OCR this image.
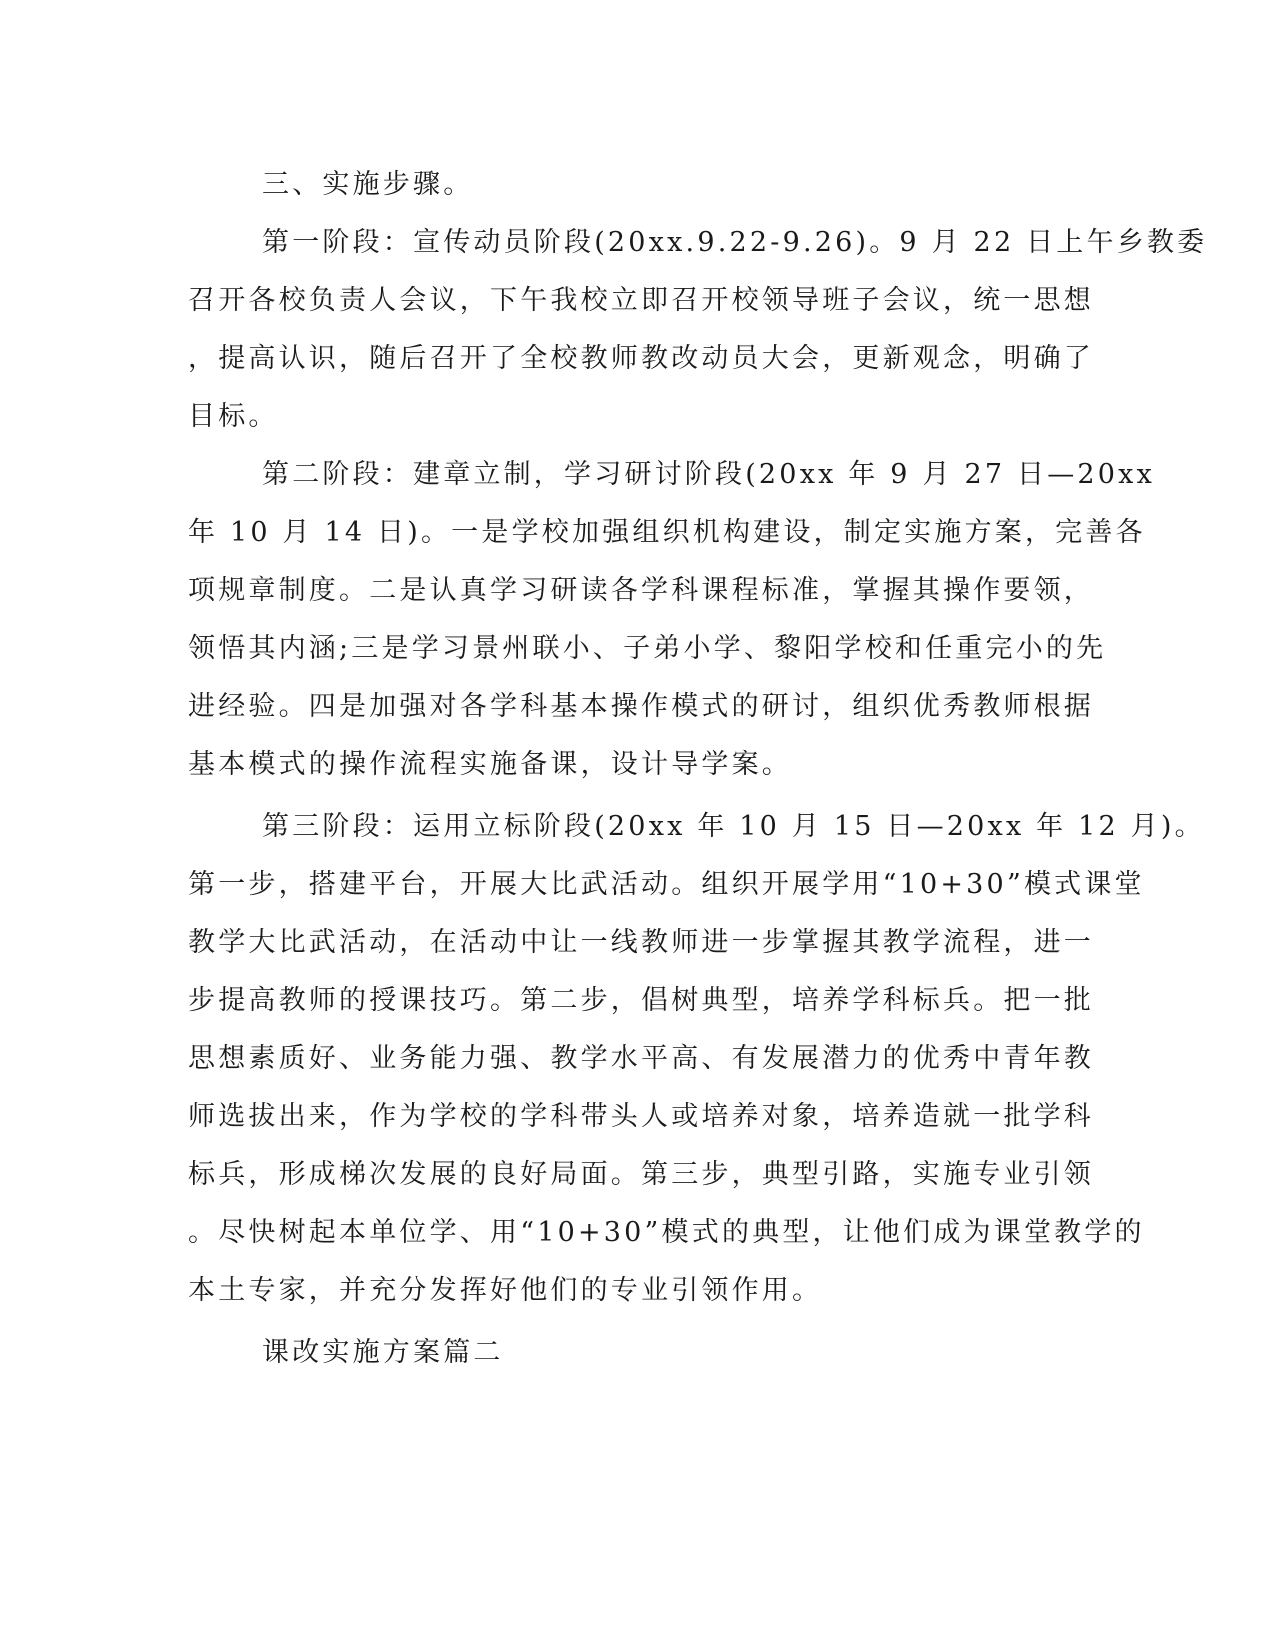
三、实施步骤。
第一阶段：宣传动员阶段(20xx.9.22-9.26)。9 月 22 日上午乡教委
召开各校负责人会议，下午我校立即召开校领导班子会议，统一思想
，提高认识，随后召开了全校教师教改动员大会，更新观念，明确了
目标。
第二阶段：建章立制，学习研讨阶段(20xx 年 9 月 27 日—20xx
年 10 月 14 日)。一是学校加强组织机构建设，制定实施方案，完善各
项规章制度。二是认真学习研读各学科课程标准，掌握其操作要领，
领悟其内涵;三是学习景州联小、子弟小学、黎阳学校和任重完小的先
进经验。四是加强对各学科基本操作模式的研讨，组织优秀教师根据
基本模式的操作流程实施备课，设计导学案。
第三阶段：运用立标阶段(20xx 年 10 月 15 日—20xx 年 12 月)。
第一步，搭建平台，开展大比武活动。组织开展学用“10+30”模式课堂
教学大比武活动，在活动中让一线教师进一步掌握其教学流程，进一
步提高教师的授课技巧。第二步，倡树典型，培养学科标兵。把一批
思想素质好、业务能力强、教学水平高、有发展潜力的优秀中青年教
师选拔出来，作为学校的学科带头人或培养对象，培养造就一批学科
标兵，形成梯次发展的良好局面。第三步，典型引路，实施专业引领
。尽快树起本单位学、用“10+30”模式的典型，让他们成为课堂教学的
本土专家，并充分发挥好他们的专业引领作用。
课改实施方案篇二
